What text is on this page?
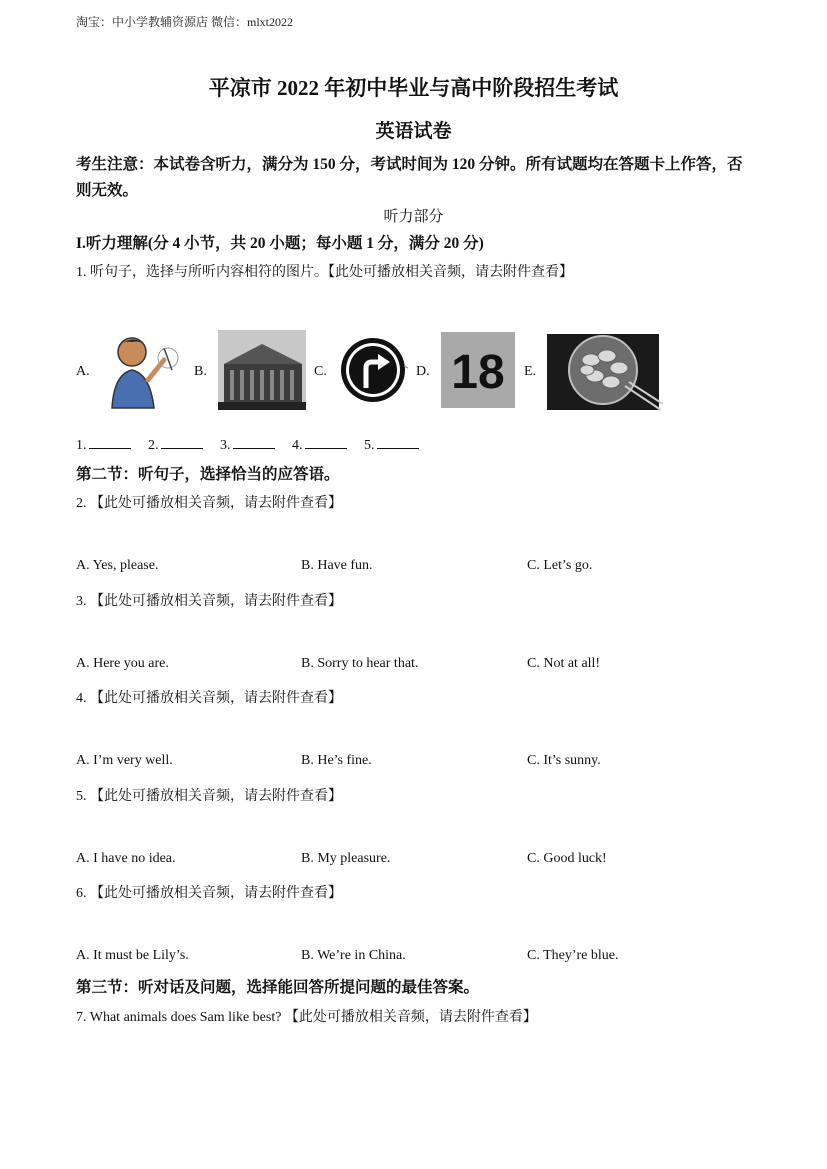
淘宝：中小学教辅资源店 微信：mlxt2022
平凉市 2022 年初中毕业与高中阶段招生考试
英语试卷
考生注意：本试卷含听力，满分为 150 分，考试时间为 120 分钟。所有试题均在答题卡上作答，否则无效。
听力部分
I.听力理解(分 4 小节，共 20 小题；每小题 1 分，满分 20 分)
1. 听句子，选择与所听内容相符的图片。【此处可播放相关音频，请去附件查看】
A.	B.	C.	D. 18 E.
1.	2.	3.	4.	5.
第二节：听句子，选择恰当的应答语。
2. 【此处可播放相关音频，请去附件查看】
A. Yes, please.	B. Have fun.	C. Let’s go.
3. 【此处可播放相关音频，请去附件查看】
A. Here you are.	B. Sorry to hear that.	C. Not at all!
4. 【此处可播放相关音频，请去附件查看】
A. I’m very well.	B. He’s fine.	C. It’s sunny.
5. 【此处可播放相关音频，请去附件查看】
A. I have no idea.	B. My pleasure.	C. Good luck!
6. 【此处可播放相关音频，请去附件查看】
A. It must be Lily’s.	B. We’re in China.	C. They’re blue.
第三节：听对话及问题，选择能回答所提问题的最佳答案。
7. What animals does Sam like best? 【此处可播放相关音频，请去附件查看】
